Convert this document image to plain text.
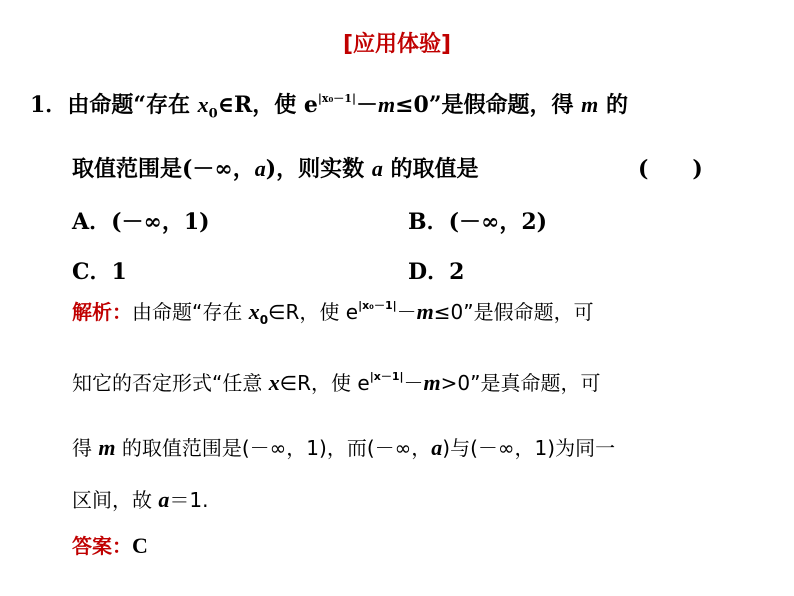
[应用体验]
1．由命题“存在 $x_0\in R$，使 $e^{|x_0-1|}-m\le 0$”是假命题，得 m 的
取值范围是(－∞，a)，则实数 a 的取值是	(　　)
A．(－∞，1)	B．(－∞，2)
C．1	D．2
解析：由命题“存在 $x_0\in R$，使 $e^{|x_0-1|}-m\le 0$”是假命题，可
知它的否定形式“任意 x∈R，使 $e^{|x-1|}-m>0$”是真命题，可
得 m 的取值范围是(－∞，1)，而(－∞，a)与(－∞，1)为同一
区间，故 a＝1.
答案：C
